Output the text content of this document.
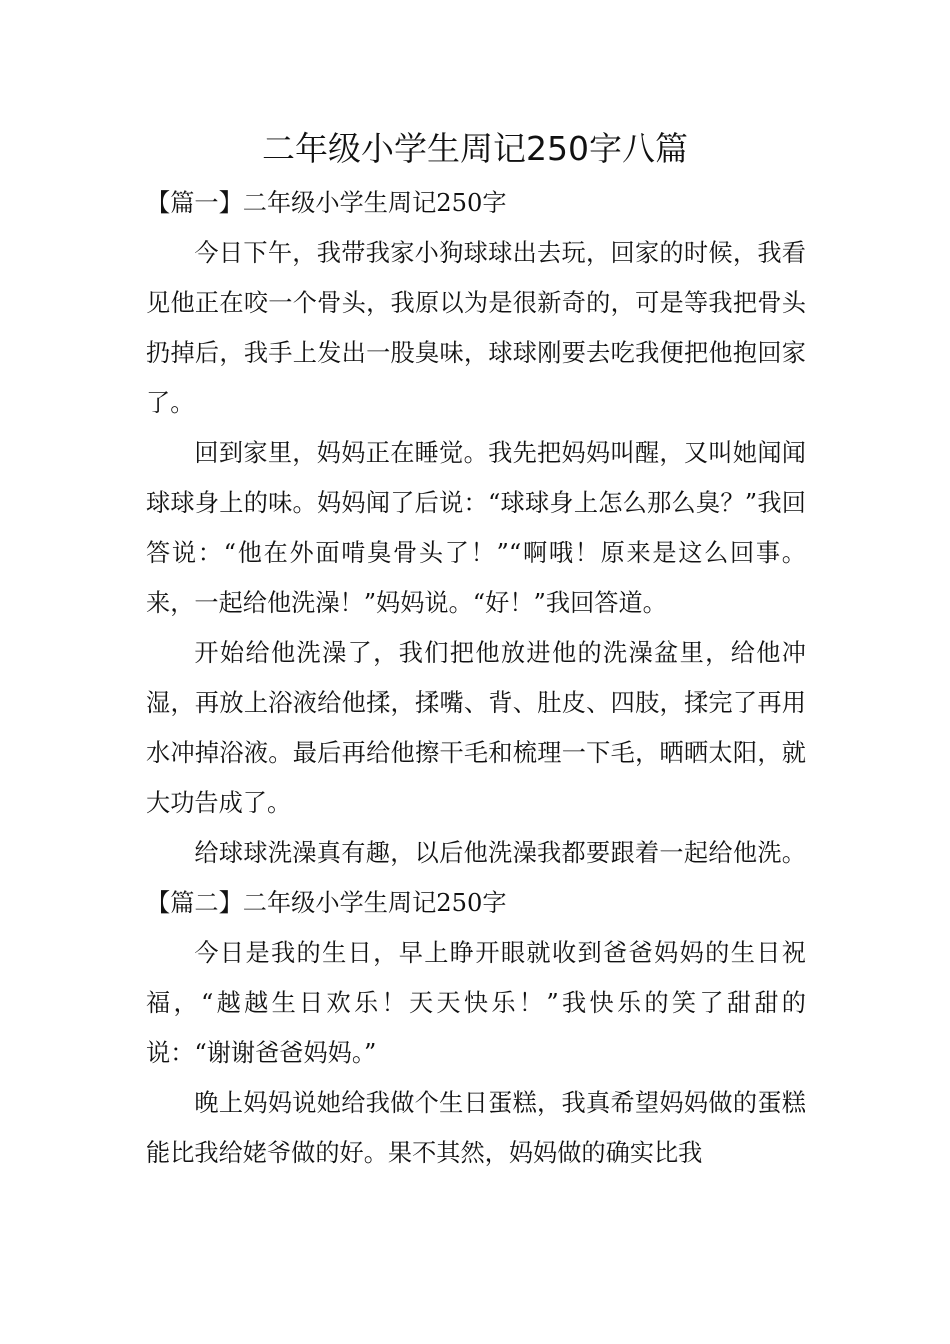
二年级小学生周记250字八篇

【篇一】二年级小学生周记250字

今日下午，我带我家小狗球球出去玩，回家的时候，我看见他正在咬一个骨头，我原以为是很新奇的，可是等我把骨头扔掉后，我手上发出一股臭味，球球刚要去吃我便把他抱回家了。

回到家里，妈妈正在睡觉。我先把妈妈叫醒，又叫她闻闻球球身上的味。妈妈闻了后说：“球球身上怎么那么臭？”我回答说：“他在外面啃臭骨头了！”“啊哦！原来是这么回事。来，一起给他洗澡！”妈妈说。“好！”我回答道。

开始给他洗澡了，我们把他放进他的洗澡盆里，给他冲湿，再放上浴液给他揉，揉嘴、背、肚皮、四肢，揉完了再用水冲掉浴液。最后再给他擦干毛和梳理一下毛，晒晒太阳，就大功告成了。

给球球洗澡真有趣，以后他洗澡我都要跟着一起给他洗。【篇二】二年级小学生周记250字

今日是我的生日，早上睁开眼就收到爸爸妈妈的生日祝福，“越越生日欢乐！天天快乐！”我快乐的笑了甜甜的说：“谢谢爸爸妈妈。”

晚上妈妈说她给我做个生日蛋糕，我真希望妈妈做的蛋糕能比我给姥爷做的好。果不其然，妈妈做的确实比我
